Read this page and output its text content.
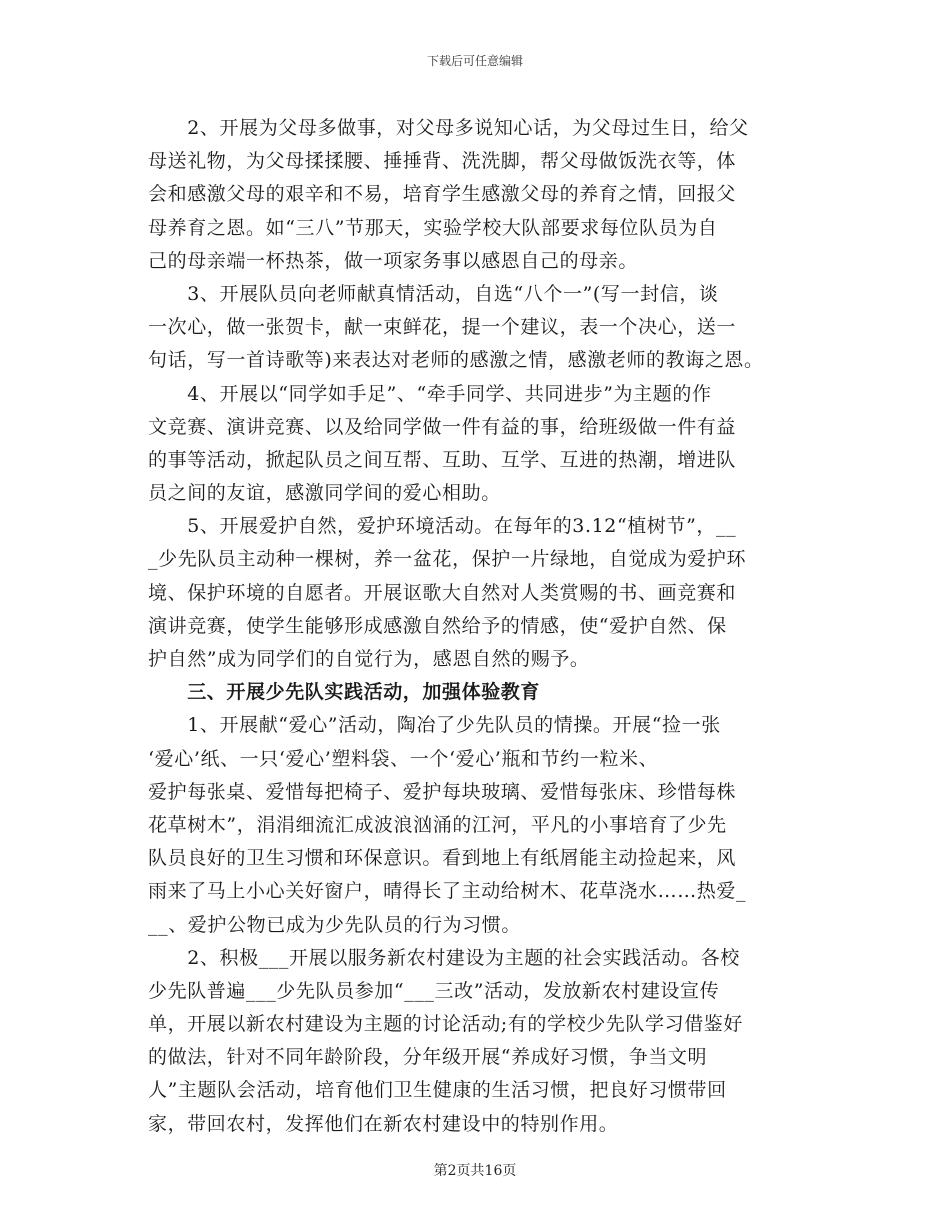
下载后可任意编辑
　　2、开展为父母多做事，对父母多说知心话，为父母过生日，给父
母送礼物，为父母揉揉腰、捶捶背、洗洗脚，帮父母做饭洗衣等，体
会和感激父母的艰辛和不易，培育学生感激父母的养育之情，回报父
母养育之恩。如“三八”节那天，实验学校大队部要求每位队员为自
己的母亲端一杯热茶，做一项家务事以感恩自己的母亲。
　　3、开展队员向老师献真情活动，自选“八个一”(写一封信，谈
一次心，做一张贺卡，献一束鲜花，提一个建议，表一个决心，送一
句话，写一首诗歌等)来表达对老师的感激之情，感激老师的教诲之恩。
　　4、开展以“同学如手足”、“牵手同学、共同进步”为主题的作
文竞赛、演讲竞赛、以及给同学做一件有益的事，给班级做一件有益
的事等活动，掀起队员之间互帮、互助、互学、互进的热潮，增进队
员之间的友谊，感激同学间的爱心相助。
　　5、开展爱护自然，爱护环境活动。在每年的3.12“植树节”，__
_少先队员主动种一棵树，养一盆花，保护一片绿地，自觉成为爱护环
境、保护环境的自愿者。开展讴歌大自然对人类赏赐的书、画竞赛和
演讲竞赛，使学生能够形成感激自然给予的情感，使“爱护自然、保
护自然”成为同学们的自觉行为，感恩自然的赐予。
　　三、开展少先队实践活动，加强体验教育
　　1、开展献“爱心”活动，陶冶了少先队员的情操。开展“捡一张
‘爱心’纸、一只‘爱心’塑料袋、一个‘爱心’瓶和节约一粒米、
爱护每张桌、爱惜每把椅子、爱护每块玻璃、爱惜每张床、珍惜每株
花草树木”，涓涓细流汇成波浪汹涌的江河，平凡的小事培育了少先
队员良好的卫生习惯和环保意识。看到地上有纸屑能主动捡起来，风
雨来了马上小心关好窗户，晴得长了主动给树木、花草浇水……热爱_
__、爱护公物已成为少先队员的行为习惯。
　　2、积极___开展以服务新农村建设为主题的社会实践活动。各校
少先队普遍___少先队员参加“___三改”活动，发放新农村建设宣传
单，开展以新农村建设为主题的讨论活动;有的学校少先队学习借鉴好
的做法，针对不同年龄阶段，分年级开展“养成好习惯，争当文明
人”主题队会活动，培育他们卫生健康的生活习惯，把良好习惯带回
家，带回农村，发挥他们在新农村建设中的特别作用。
第2页共16页
